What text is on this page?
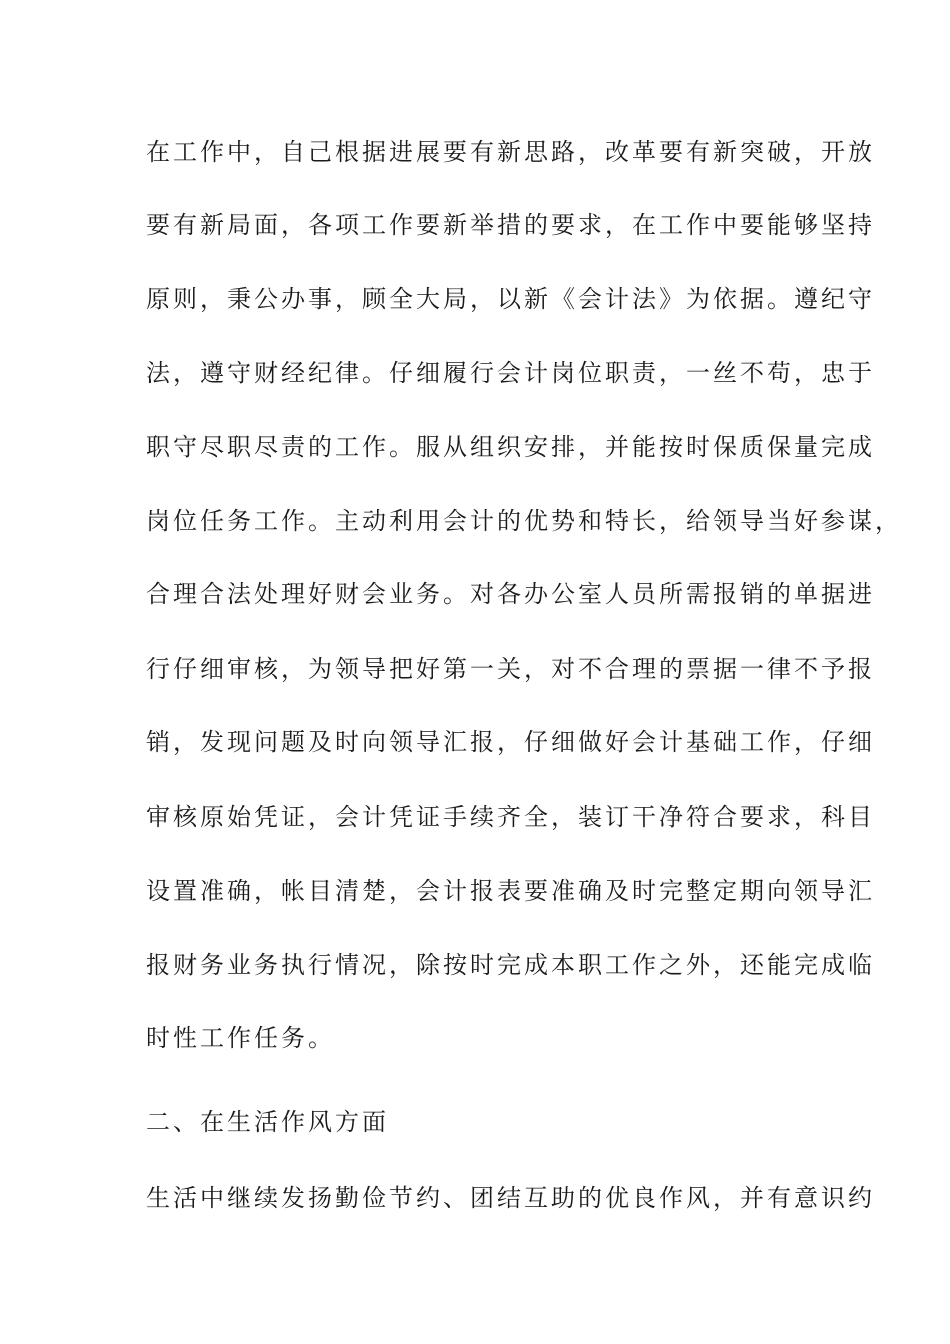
在工作中，自己根据进展要有新思路，改革要有新突破，开放
要有新局面，各项工作要新举措的要求，在工作中要能够坚持
原则，秉公办事，顾全大局，以新《会计法》为依据。遵纪守
法，遵守财经纪律。仔细履行会计岗位职责，一丝不苟，忠于
职守尽职尽责的工作。服从组织安排，并能按时保质保量完成
岗位任务工作。主动利用会计的优势和特长，给领导当好参谋，
合理合法处理好财会业务。对各办公室人员所需报销的单据进
行仔细审核，为领导把好第一关，对不合理的票据一律不予报
销，发现问题及时向领导汇报，仔细做好会计基础工作，仔细
审核原始凭证，会计凭证手续齐全，装订干净符合要求，科目
设置准确，帐目清楚，会计报表要准确及时完整定期向领导汇
报财务业务执行情况，除按时完成本职工作之外，还能完成临
时性工作任务。
二、在生活作风方面
生活中继续发扬勤俭节约、团结互助的优良作风，并有意识约
